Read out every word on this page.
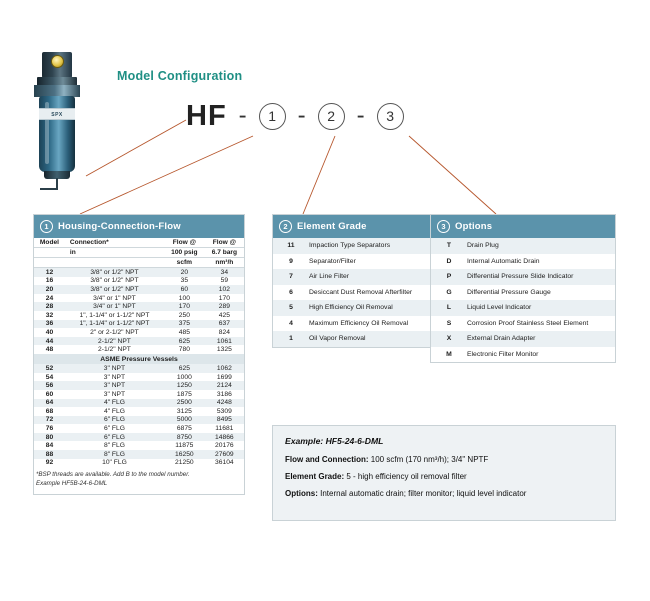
SPX
Model Configuration
HF -	1 -	2 -	3
1 Housing-Connection-Flow
Model	Connection*	Flow @	Flow @
	in	100 psig	6.7 barg
		scfm	nm³/h
12	3/8" or 1/2" NPT	20	34
16	3/8" or 1/2" NPT	35	59
20	3/8" or 1/2" NPT	60	102
24	3/4" or 1" NPT	100	170
28	3/4" or 1" NPT	170	289
32	1", 1-1/4" or 1-1/2" NPT	250	425
36	1", 1-1/4" or 1-1/2" NPT	375	637
40	2" or 2-1/2" NPT	485	824
44	2-1/2" NPT	625	1061
48	2-1/2" NPT	780	1325
ASME Pressure Vessels			
52	3" NPT	625	1062
54	3" NPT	1000	1699
56	3" NPT	1250	2124
60	3" NPT	1875	3186
64	4" FLG	2500	4248
68	4" FLG	3125	5309
72	6" FLG	5000	8495
76	6" FLG	6875	11681
80	6" FLG	8750	14866
84	8" FLG	11875	20176
88	8" FLG	16250	27609
92	10" FLG	21250	36104
*BSP threads are available. Add B to the model number.
Example HF5B-24-6-DML
2 Element Grade
11	Impaction Type Separators
9	Separator/Filter
7	Air Line Filter
6	Desiccant Dust Removal Afterfilter
5	High Efficiency Oil Removal
4	Maximum Efficiency Oil Removal
1	Oil Vapor Removal
3 Options
T	Drain Plug
D	Internal Automatic Drain
P	Differential Pressure Slide Indicator
G	Differential Pressure Gauge
L	Liquid Level Indicator
S	Corrosion Proof Stainless Steel Element
X	External Drain Adapter
M	Electronic Filter Monitor
Example: HF5-24-6-DML
Flow and Connection: 100 scfm (170 nm³/h); 3/4" NPTF
Element Grade: 5 - high efficiency oil removal filter
Options: Internal automatic drain; filter monitor; liquid level indicator
